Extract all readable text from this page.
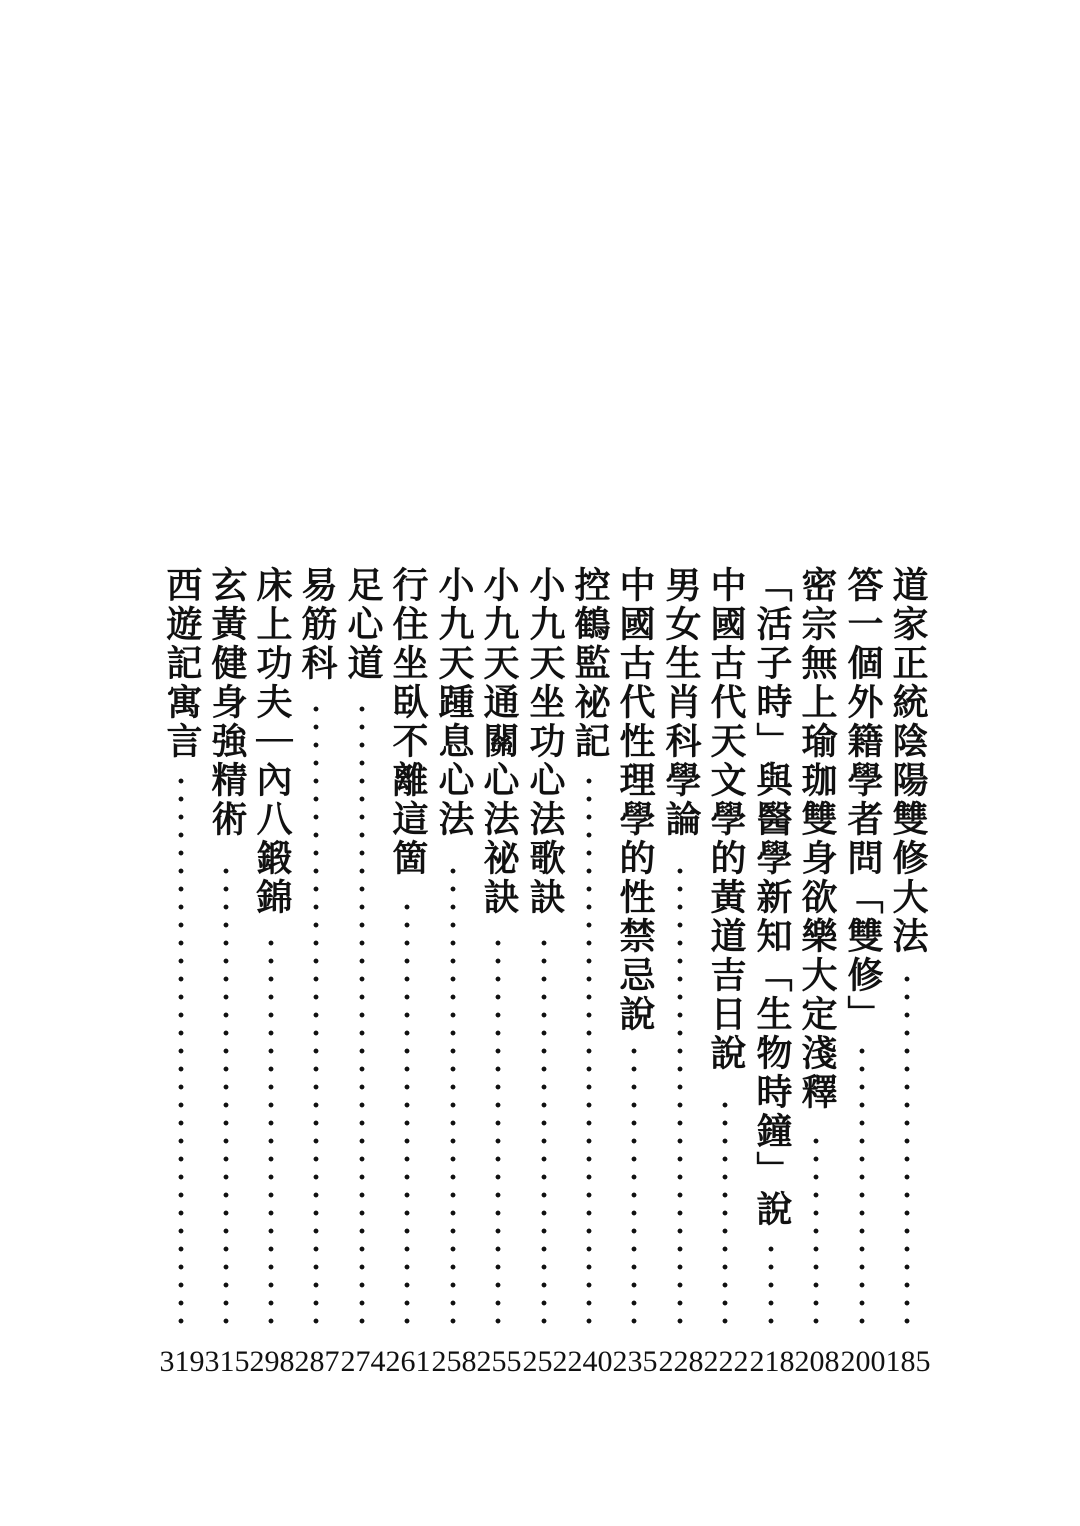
道家正統陰陽雙修大法
185
答一個外籍學者問「雙修」
200
密宗無上瑜珈雙身欲樂大定淺釋
208
「活子時」與醫學新知「生物時鐘」說
218
中國古代天文學的黃道吉日說
222
男女生肖科學論
228
中國古代性理學的性禁忌說
235
控鶴監祕記
240
小九天坐功心法歌訣
252
小九天通關心法祕訣
255
小九天踵息心法
258
行住坐臥不離這箇
261
足心道
274
易筋科
287
床上功夫｜內八鍛錦
298
玄黃健身強精術
315
西遊記寓言
319
